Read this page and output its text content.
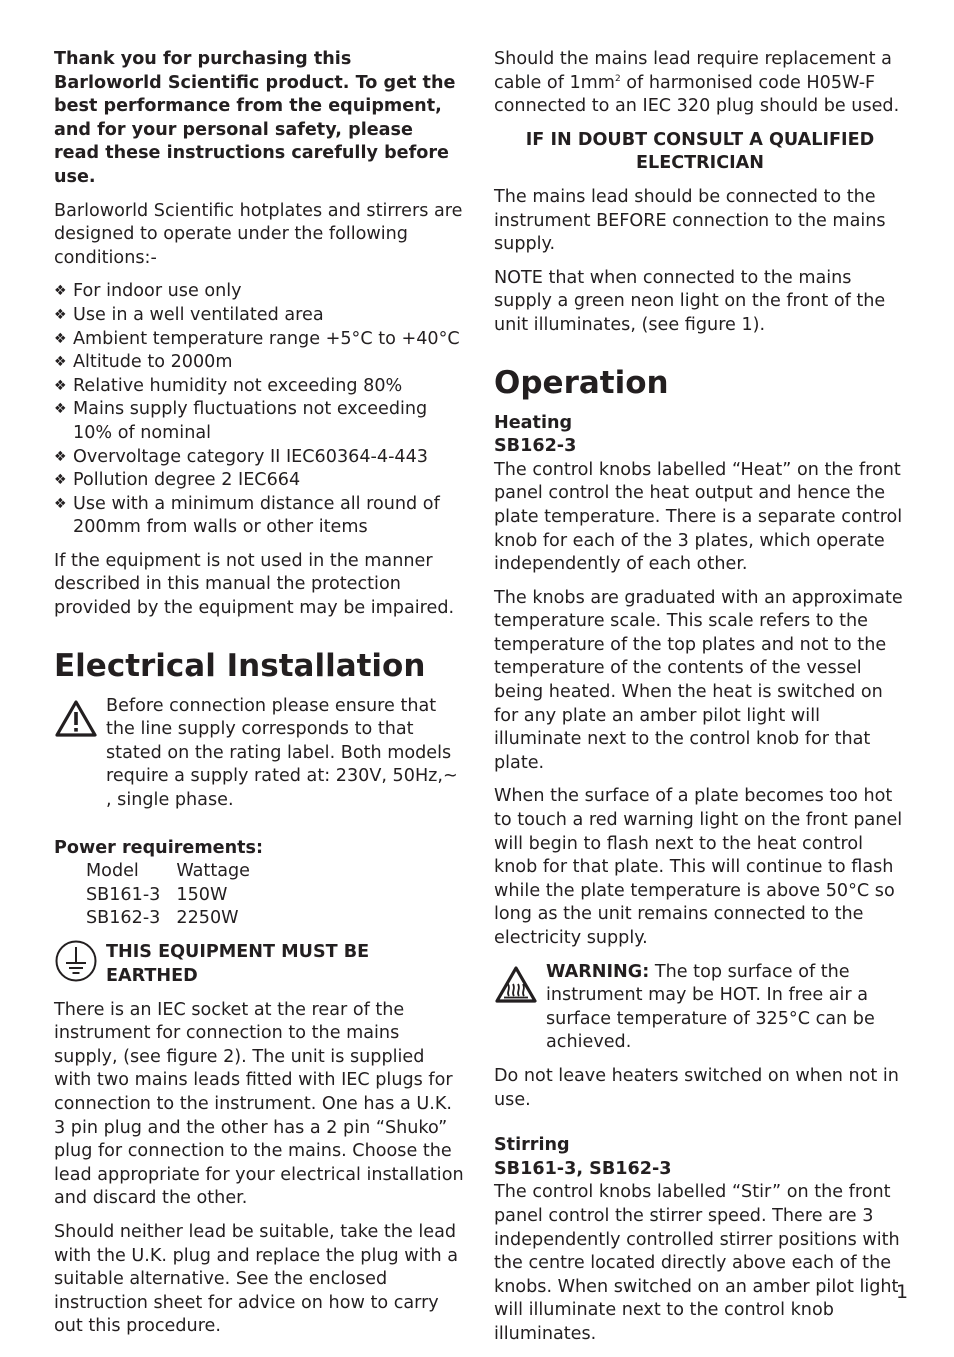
Thank you for purchasing this Barloworld Scientific product. To get the best performance from the equipment, and for your personal safety, please read these instructions carefully before use.

Barloworld Scientific hotplates and stirrers are designed to operate under the following conditions:-

❖ For indoor use only
❖ Use in a well ventilated area
❖ Ambient temperature range +5°C to +40°C
❖ Altitude to 2000m
❖ Relative humidity not exceeding 80%
❖ Mains supply fluctuations not exceeding 10% of nominal
❖ Overvoltage category II IEC60364-4-443
❖ Pollution degree 2 IEC664
❖ Use with a minimum distance all round of 200mm from walls or other items

If the equipment is not used in the manner described in this manual the protection provided by the equipment may be impaired.

Electrical Installation

Before connection please ensure that the line supply corresponds to that stated on the rating label. Both models require a supply rated at: 230V, 50Hz,~ , single phase.

Power requirements:
Model	Wattage
SB161-3	150W
SB162-3	2250W
THIS EQUIPMENT MUST BE EARTHED

There is an IEC socket at the rear of the instrument for connection to the mains supply, (see figure 2). The unit is supplied with two mains leads fitted with IEC plugs for connection to the instrument. One has a U.K. 3 pin plug and the other has a 2 pin “Shuko” plug for connection to the mains. Choose the lead appropriate for your electrical installation and discard the other.

Should neither lead be suitable, take the lead with the U.K. plug and replace the plug with a suitable alternative. See the enclosed instruction sheet for advice on how to carry out this procedure.

Should the mains lead require replacement a cable of $1mm^2$ of harmonised code H05W-F connected to an IEC 320 plug should be used.

IF IN DOUBT CONSULT A QUALIFIED ELECTRICIAN

The mains lead should be connected to the instrument BEFORE connection to the mains supply.

NOTE that when connected to the mains supply a green neon light on the front of the unit illuminates, (see figure 1).

Operation
Heating
SB162-3

The control knobs labelled “Heat” on the front panel control the heat output and hence the plate temperature. There is a separate control knob for each of the 3 plates, which operate independently of each other.

The knobs are graduated with an approximate temperature scale. This scale refers to the temperature of the top plates and not to the temperature of the contents of the vessel being heated. When the heat is switched on for any plate an amber pilot light will illuminate next to the control knob for that plate.

When the surface of a plate becomes too hot to touch a red warning light on the front panel will begin to flash next to the heat control knob for that plate. This will continue to flash while the plate temperature is above 50°C so long as the unit remains connected to the electricity supply.

WARNING: The top surface of the instrument may be HOT. In free air a surface temperature of 325°C can be achieved.

Do not leave heaters switched on when not in use.

Stirring
SB161-3, SB162-3

The control knobs labelled “Stir” on the front panel control the stirrer speed. There are 3 independently controlled stirrer positions with the centre located directly above each of the knobs. When switched on an amber pilot light will illuminate next to the control knob illuminates.

1
